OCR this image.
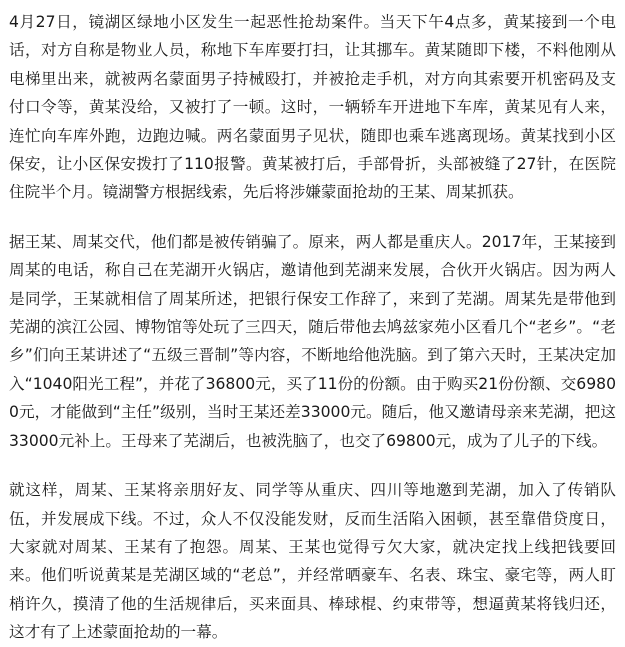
4月27日，镜湖区绿地小区发生一起恶性抢劫案件。当天下午4点多，黄某接到一个电话，对方自称是物业人员，称地下车库要打扫，让其挪车。黄某随即下楼，不料他刚从电梯里出来，就被两名蒙面男子持械殴打，并被抢走手机，对方向其索要开机密码及支付口令等，黄某没给，又被打了一顿。这时，一辆轿车开进地下车库，黄某见有人来，连忙向车库外跑，边跑边喊。两名蒙面男子见状，随即也乘车逃离现场。黄某找到小区保安，让小区保安拨打了110报警。黄某被打后，手部骨折，头部被缝了27针，在医院住院半个月。镜湖警方根据线索，先后将涉嫌蒙面抢劫的王某、周某抓获。

据王某、周某交代，他们都是被传销骗了。原来，两人都是重庆人。2017年，王某接到周某的电话，称自己在芜湖开火锅店，邀请他到芜湖来发展，合伙开火锅店。因为两人是同学，王某就相信了周某所述，把银行保安工作辞了，来到了芜湖。周某先是带他到芜湖的滨江公园、博物馆等处玩了三四天，随后带他去鸠兹家苑小区看几个“老乡”。“老乡”们向王某讲述了“五级三晋制”等内容，不断地给他洗脑。到了第六天时，王某决定加入“1040阳光工程”，并花了36800元，买了11份的份额。由于购买21份份额、交69800元，才能做到“主任”级别，当时王某还差33000元。随后，他又邀请母亲来芜湖，把这33000元补上。王母来了芜湖后，也被洗脑了，也交了69800元，成为了儿子的下线。

就这样，周某、王某将亲朋好友、同学等从重庆、四川等地邀到芜湖，加入了传销队伍，并发展成下线。不过，众人不仅没能发财，反而生活陷入困顿，甚至靠借贷度日，大家就对周某、王某有了抱怨。周某、王某也觉得亏欠大家，就决定找上线把钱要回来。他们听说黄某是芜湖区域的“老总”，并经常晒豪车、名表、珠宝、豪宅等，两人盯梢许久，摸清了他的生活规律后，买来面具、棒球棍、约束带等，想逼黄某将钱归还，这才有了上述蒙面抢劫的一幕。
